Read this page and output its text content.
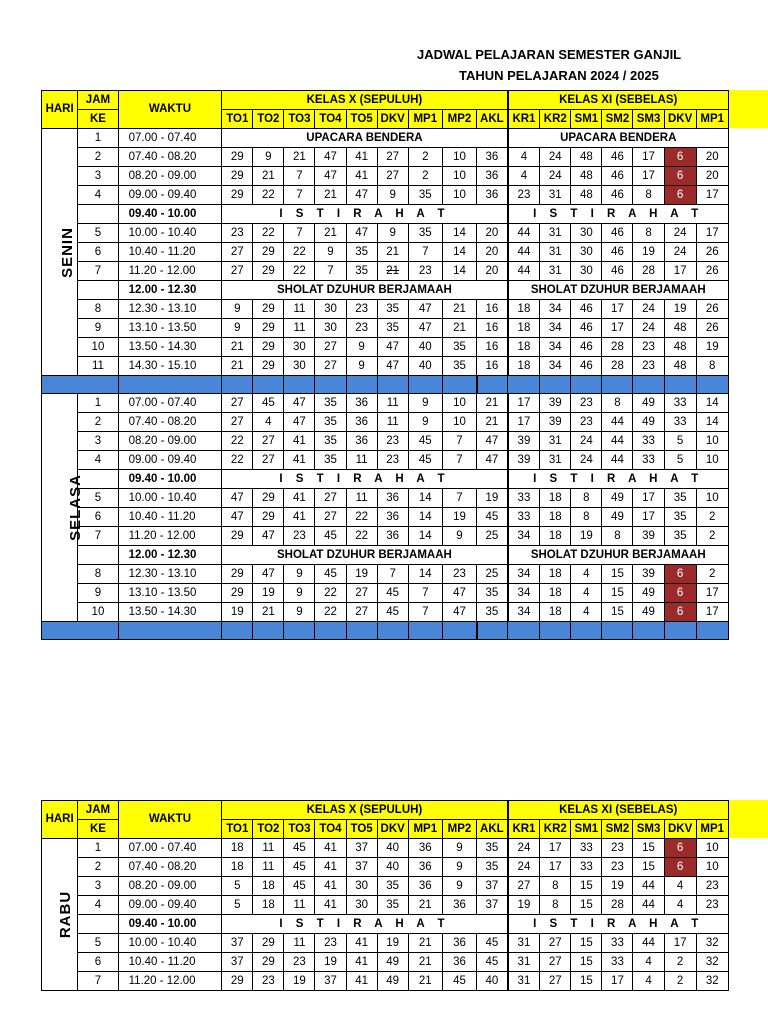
JADWAL PELAJARAN SEMESTER GANJIL
TAHUN PELAJARAN 2024 / 2025
HARI	JAM	WAKTU	KELAS X (SEPULUH)									KELAS XI (SEBELAS)						
	KE		TO1	TO2	TO3	TO4	TO5	DKV	MP1	MP2	AKL	KR1	KR2	SM1	SM2	SM3	DKV	MP1
SENIN	1	07.00 - 07.40	UPACARA BENDERA									UPACARA BENDERA						
	2	07.40 - 08.20	29	9	21	47	41	27	2	10	36	4	24	48	46	17	6	20
	3	08.20 - 09.00	29	21	7	47	41	27	2	10	36	4	24	48	46	17	6	20
	4	09.00 - 09.40	29	22	7	21	47	9	35	10	36	23	31	48	46	8	6	17
		09.40 - 10.00	I S T I R A H A T									I S T I R A H A T						
	5	10.00 - 10.40	23	22	7	21	47	9	35	14	20	44	31	30	46	8	24	17
	6	10.40 - 11.20	27	29	22	9	35	21	7	14	20	44	31	30	46	19	24	26
	7	11.20 - 12.00	27	29	22	7	35	21	23	14	20	44	31	30	46	28	17	26
		12.00 - 12.30	SHOLAT DZUHUR BERJAMAAH									SHOLAT DZUHUR BERJAMAAH						
	8	12.30 - 13.10	9	29	11	30	23	35	47	21	16	18	34	46	17	24	19	26
	9	13.10 - 13.50	9	29	11	30	23	35	47	21	16	18	34	46	17	24	48	26
	10	13.50 - 14.30	21	29	30	27	9	47	40	35	16	18	34	46	28	23	48	19
	11	14.30 - 15.10	21	29	30	27	9	47	40	35	16	18	34	46	28	23	48	8

SELASA	1	07.00 - 07.40	27	45	47	35	36	11	9	10	21	17	39	23	8	49	33	14
	2	07.40 - 08.20	27	4	47	35	36	11	9	10	21	17	39	23	44	49	33	14
	3	08.20 - 09.00	22	27	41	35	36	23	45	7	47	39	31	24	44	33	5	10
	4	09.00 - 09.40	22	27	41	35	11	23	45	7	47	39	31	24	44	33	5	10
		09.40 - 10.00	I S T I R A H A T									I S T I R A H A T						
	5	10.00 - 10.40	47	29	41	27	11	36	14	7	19	33	18	8	49	17	35	10
	6	10.40 - 11.20	47	29	41	27	22	36	14	19	45	33	18	8	49	17	35	2
	7	11.20 - 12.00	29	47	23	45	22	36	14	9	25	34	18	19	8	39	35	2
		12.00 - 12.30	SHOLAT DZUHUR BERJAMAAH									SHOLAT DZUHUR BERJAMAAH						
	8	12.30 - 13.10	29	47	9	45	19	7	14	23	25	34	18	4	15	39	6	2
	9	13.10 - 13.50	29	19	9	22	27	45	7	47	35	34	18	4	15	49	6	17
	10	13.50 - 14.30	19	21	9	22	27	45	7	47	35	34	18	4	15	49	6	17

HARI	JAM	WAKTU	KELAS X (SEPULUH)									KELAS XI (SEBELAS)						
	KE		TO1	TO2	TO3	TO4	TO5	DKV	MP1	MP2	AKL	KR1	KR2	SM1	SM2	SM3	DKV	MP1
RABU	1	07.00 - 07.40	18	11	45	41	37	40	36	9	35	24	17	33	23	15	6	10
	2	07.40 - 08.20	18	11	45	41	37	40	36	9	35	24	17	33	23	15	6	10
	3	08.20 - 09.00	5	18	45	41	30	35	36	9	37	27	8	15	19	44	4	23
	4	09.00 - 09.40	5	18	11	41	30	35	21	36	37	19	8	15	28	44	4	23
		09.40 - 10.00	I S T I R A H A T									I S T I R A H A T						
	5	10.00 - 10.40	37	29	11	23	41	19	21	36	45	31	27	15	33	44	17	32
	6	10.40 - 11.20	37	29	23	19	41	49	21	36	45	31	27	15	33	4	2	32
	7	11.20 - 12.00	29	23	19	37	41	49	21	45	40	31	27	15	17	4	2	32
